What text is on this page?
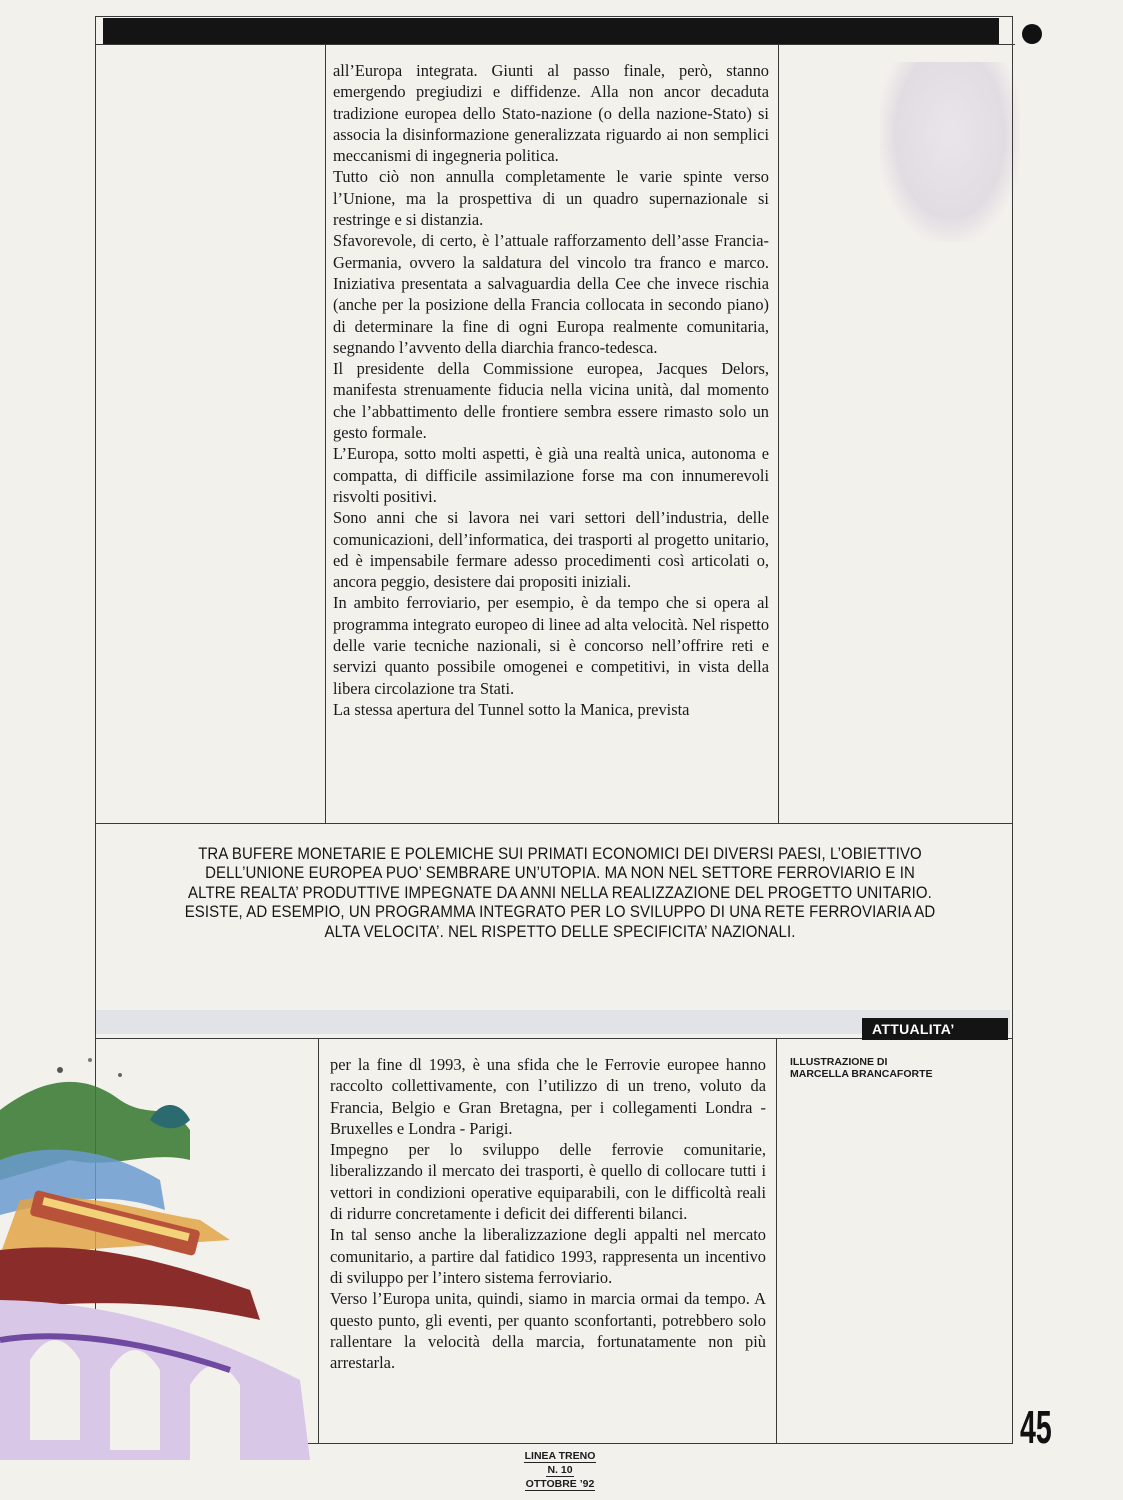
all’Europa integrata. Giunti al passo finale, però, stanno emergendo pregiudizi e diffidenze. Alla non ancor decaduta tradizione europea dello Stato-nazione (o della nazione-Stato) si associa la disinformazione generalizzata riguardo ai non semplici meccanismi di ingegneria politica.

Tutto ciò non annulla completamente le varie spinte verso l’Unione, ma la prospettiva di un quadro supernazionale si restringe e si distanzia.

Sfavorevole, di certo, è l’attuale rafforzamento dell’asse Francia-Germania, ovvero la saldatura del vincolo tra franco e marco. Iniziativa presentata a salvaguardia della Cee che invece rischia (anche per la posizione della Francia collocata in secondo piano) di determinare la fine di ogni Europa realmente comunitaria, segnando l’avvento della diarchia franco-tedesca.

Il presidente della Commissione europea, Jacques Delors, manifesta strenuamente fiducia nella vicina unità, dal momento che l’abbattimento delle frontiere sembra essere rimasto solo un gesto formale.

L’Europa, sotto molti aspetti, è già una realtà unica, autonoma e compatta, di difficile assimilazione forse ma con innumerevoli risvolti positivi.

Sono anni che si lavora nei vari settori dell’industria, delle comunicazioni, dell’informatica, dei trasporti al progetto unitario, ed è impensabile fermare adesso procedimenti così articolati o, ancora peggio, desistere dai propositi iniziali.

In ambito ferroviario, per esempio, è da tempo che si opera al programma integrato europeo di linee ad alta velocità. Nel rispetto delle varie tecniche nazionali, si è concorso nell’offrire reti e servizi quanto possibile omogenei e competitivi, in vista della libera circolazione tra Stati.

La stessa apertura del Tunnel sotto la Manica, prevista

TRA BUFERE MONETARIE E POLEMICHE SUI PRIMATI ECONOMICI DEI DIVERSI PAESI, L’OBIETTIVO DELL’UNIONE EUROPEA PUO’ SEMBRARE UN’UTOPIA. MA NON NEL SETTORE FERROVIARIO E IN ALTRE REALTA’ PRODUTTIVE IMPEGNATE DA ANNI NELLA REALIZZAZIONE DEL PROGETTO UNITARIO. ESISTE, AD ESEMPIO, UN PROGRAMMA INTEGRATO PER LO SVILUPPO DI UNA RETE FERROVIARIA AD ALTA VELOCITA’. NEL RISPETTO DELLE SPECIFICITA’ NAZIONALI.
ATTUALITA’

per la fine dl 1993, è una sfida che le Ferrovie europee hanno raccolto collettivamente, con l’utilizzo di un treno, voluto da Francia, Belgio e Gran Bretagna, per i collegamenti Londra - Bruxelles e Londra - Parigi.

Impegno per lo sviluppo delle ferrovie comunitarie, liberalizzando il mercato dei trasporti, è quello di collocare tutti i vettori in condizioni operative equiparabili, con le difficoltà reali di ridurre concretamente i deficit dei differenti bilanci.

In tal senso anche la liberalizzazione degli appalti nel mercato comunitario, a partire dal fatidico 1993, rappresenta un incentivo di sviluppo per l’intero sistema ferroviario.

Verso l’Europa unita, quindi, siamo in marcia ormai da tempo. A questo punto, gli eventi, per quanto sconfortanti, potrebbero solo rallentare la velocità della marcia, fortunatamente non più arrestarla.

ILLUSTRAZIONE DI
MARCELLA BRANCAFORTE
45
LINEA TRENO
N. 10
OTTOBRE ’92
